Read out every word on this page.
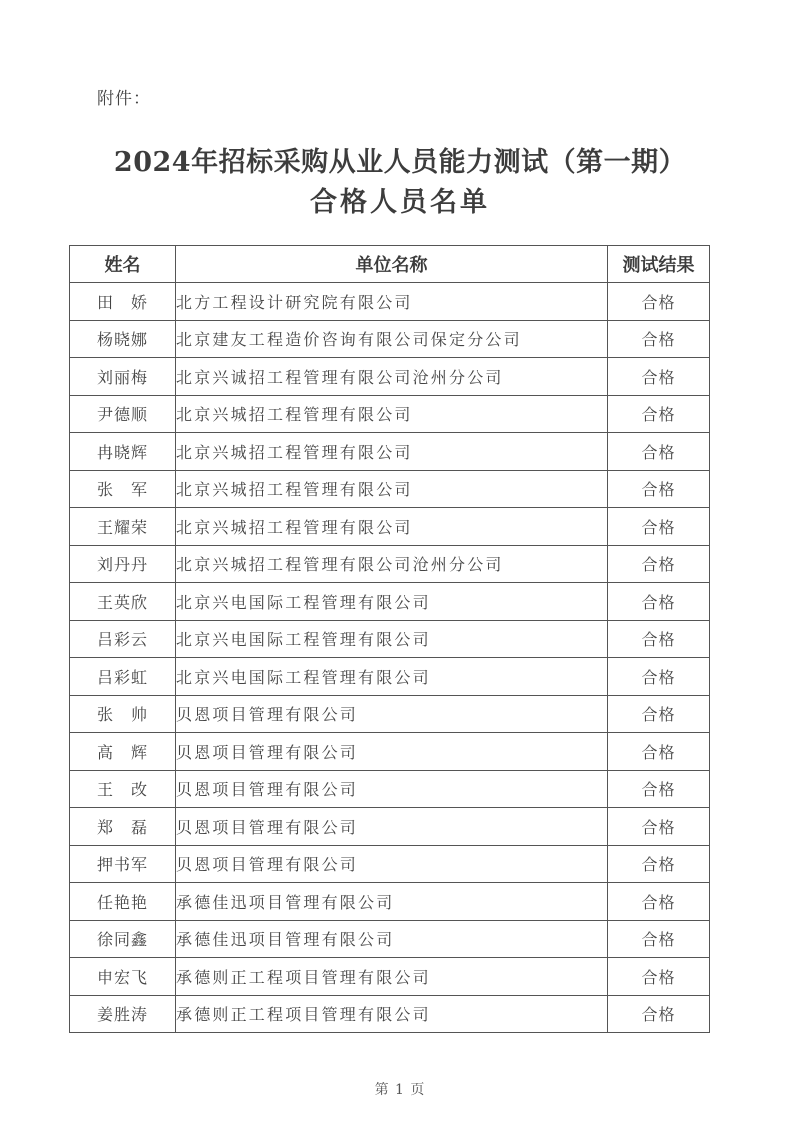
附件：
2024年招标采购从业人员能力测试（第一期）
合格人员名单
姓名	单位名称	测试结果
田　娇	北方工程设计研究院有限公司	合格
杨晓娜	北京建友工程造价咨询有限公司保定分公司	合格
刘丽梅	北京兴诚招工程管理有限公司沧州分公司	合格
尹德顺	北京兴城招工程管理有限公司	合格
冉晓辉	北京兴城招工程管理有限公司	合格
张　军	北京兴城招工程管理有限公司	合格
王耀荣	北京兴城招工程管理有限公司	合格
刘丹丹	北京兴城招工程管理有限公司沧州分公司	合格
王英欣	北京兴电国际工程管理有限公司	合格
吕彩云	北京兴电国际工程管理有限公司	合格
吕彩虹	北京兴电国际工程管理有限公司	合格
张　帅	贝恩项目管理有限公司	合格
高　辉	贝恩项目管理有限公司	合格
王　改	贝恩项目管理有限公司	合格
郑　磊	贝恩项目管理有限公司	合格
押书军	贝恩项目管理有限公司	合格
任艳艳	承德佳迅项目管理有限公司	合格
徐同鑫	承德佳迅项目管理有限公司	合格
申宏飞	承德则正工程项目管理有限公司	合格
姜胜涛	承德则正工程项目管理有限公司	合格
第 1 页
